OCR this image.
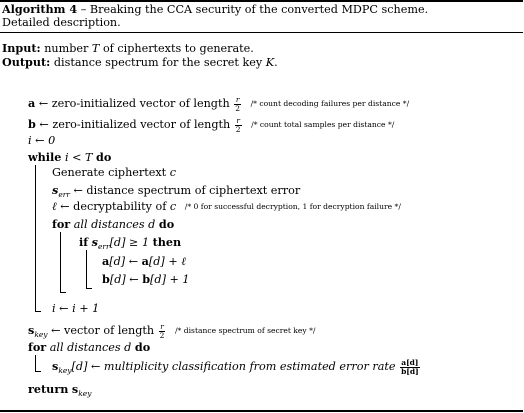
Algorithm 4 – Breaking the CCA security of the converted MDPC scheme.
Detailed description.
Input: number T of ciphertexts to generate.
Output: distance spectrum for the secret key K.
a ← zero-initialized vector of length $\frac{r}{2}$ /* count decoding failures per distance */
b ← zero-initialized vector of length $\frac{r}{2}$ /* count total samples per distance */
i ← 0
while i < T do
Generate ciphertext c
$s_{err}$ ← distance spectrum of ciphertext error
ℓ ← decryptability of c /* 0 for successful decryption, 1 for decryption failure */
for all distances d do
if $s_{err}[d] \ge 1$ then
a[d] ← a[d] + ℓ
b[d] ← b[d] + 1
i ← i + 1
$s_{key}$ ← vector of length $\frac{r}{2}$ /* distance spectrum of secret key */
for all distances d do
$s_{key}[d]$ ← multiplicity classification from estimated error rate $\frac{a[d]}{b[d]}$
return $s_{key}$
